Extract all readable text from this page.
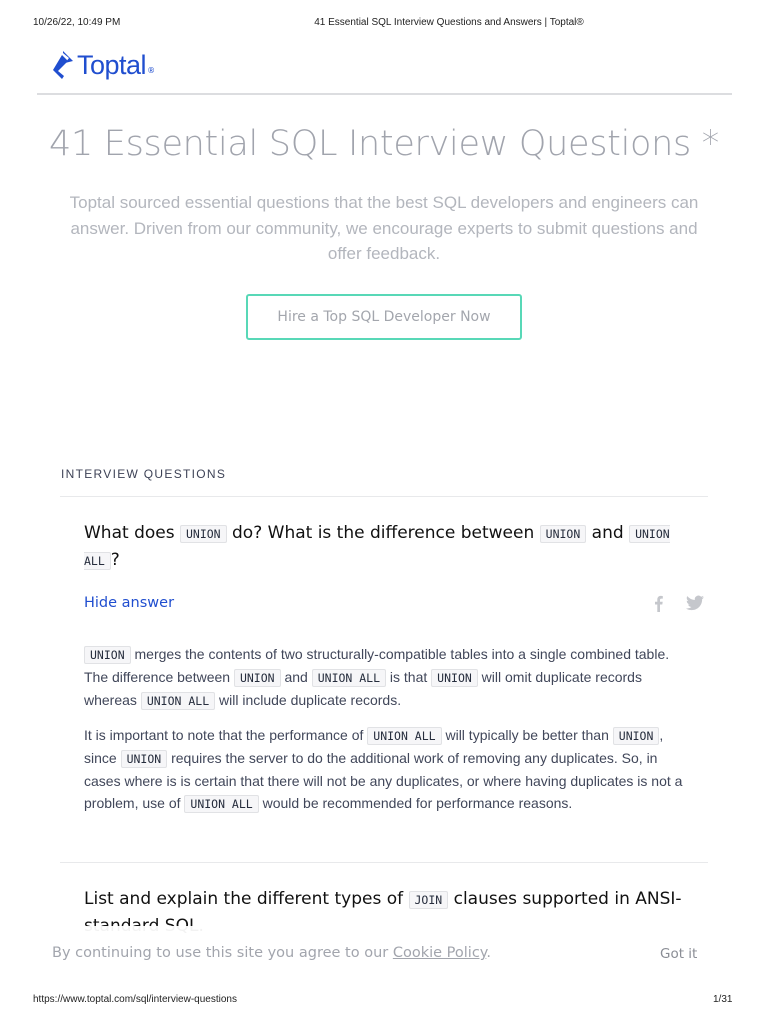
10/26/22, 10:49 PM	41 Essential SQL Interview Questions and Answers | Toptal®
Toptal ®
41 Essential SQL Interview Questions *
Toptal sourced essential questions that the best SQL developers and engineers can answer. Driven from our community, we encourage experts to submit questions and offer feedback.
Hire a Top SQL Developer Now
INTERVIEW QUESTIONS
What does UNION do? What is the difference between UNION and UNION ALL ?
Hide answer
UNION merges the contents of two structurally-compatible tables into a single combined table. The difference between UNION and UNION ALL is that UNION will omit duplicate records whereas UNION ALL will include duplicate records.
It is important to note that the performance of UNION ALL will typically be better than UNION , since UNION requires the server to do the additional work of removing any duplicates. So, in cases where is is certain that there will not be any duplicates, or where having duplicates is not a problem, use of UNION ALL would be recommended for performance reasons.
List and explain the different types of JOIN clauses supported in ANSI-
By continuing to use this site you agree to our Cookie Policy.	Got it
https://www.toptal.com/sql/interview-questions	1/31
